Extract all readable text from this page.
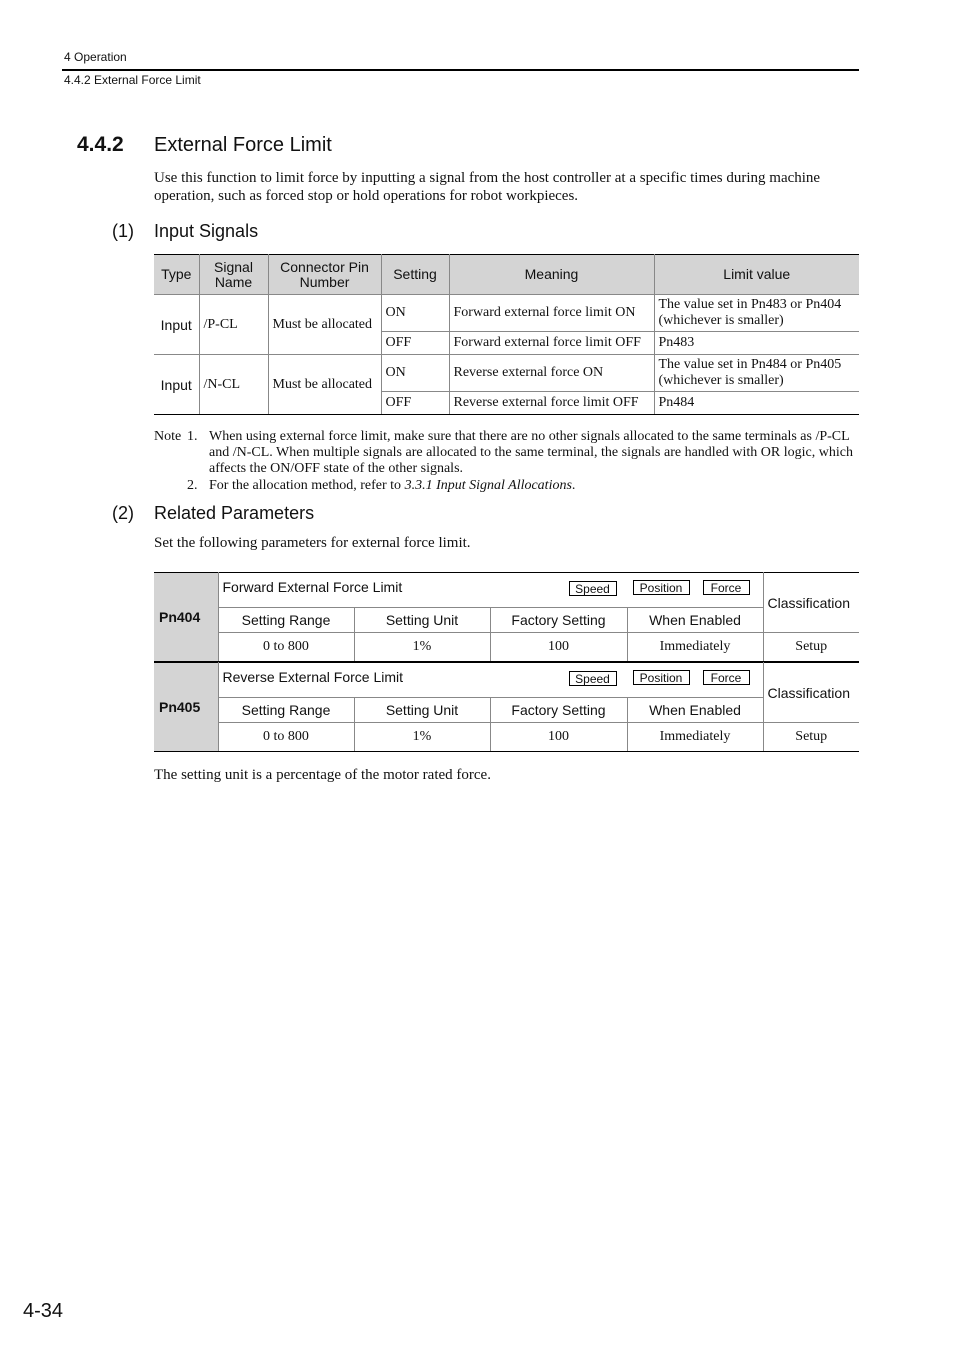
4 Operation
4.4.2 External Force Limit
4.4.2 External Force Limit
Use this function to limit force by inputting a signal from the host controller at a specific times during machine operation, such as forced stop or hold operations for robot workpieces.
(1) Input Signals
Type	Signal Name	Connector Pin Number	Setting	Meaning	Limit value
Input	/P-CL	Must be allocated	ON	Forward external force limit ON	The value set in Pn483 or Pn404 (whichever is smaller)
			OFF	Forward external force limit OFF	Pn483
Input	/N-CL	Must be allocated	ON	Reverse external force ON	The value set in Pn484 or Pn405 (whichever is smaller)
			OFF	Reverse external force limit OFF	Pn484
Note 1. When using external force limit, make sure that there are no other signals allocated to the same terminals as /P-CL and /N-CL. When multiple signals are allocated to the same terminal, the signals are handled with OR logic, which affects the ON/OFF state of the other signals.
2. For the allocation method, refer to 3.3.1 Input Signal Allocations.
(2) Related Parameters
Set the following parameters for external force limit.
Pn404	Forward External Force Limit Speed Position Force				Classification
	Setting Range	Setting Unit	Factory Setting	When Enabled	
	0 to 800	1%	100	Immediately	Setup
Pn405	Reverse External Force Limit Speed Position Force				Classification
	Setting Range	Setting Unit	Factory Setting	When Enabled	
	0 to 800	1%	100	Immediately	Setup
The setting unit is a percentage of the motor rated force.
4-34
